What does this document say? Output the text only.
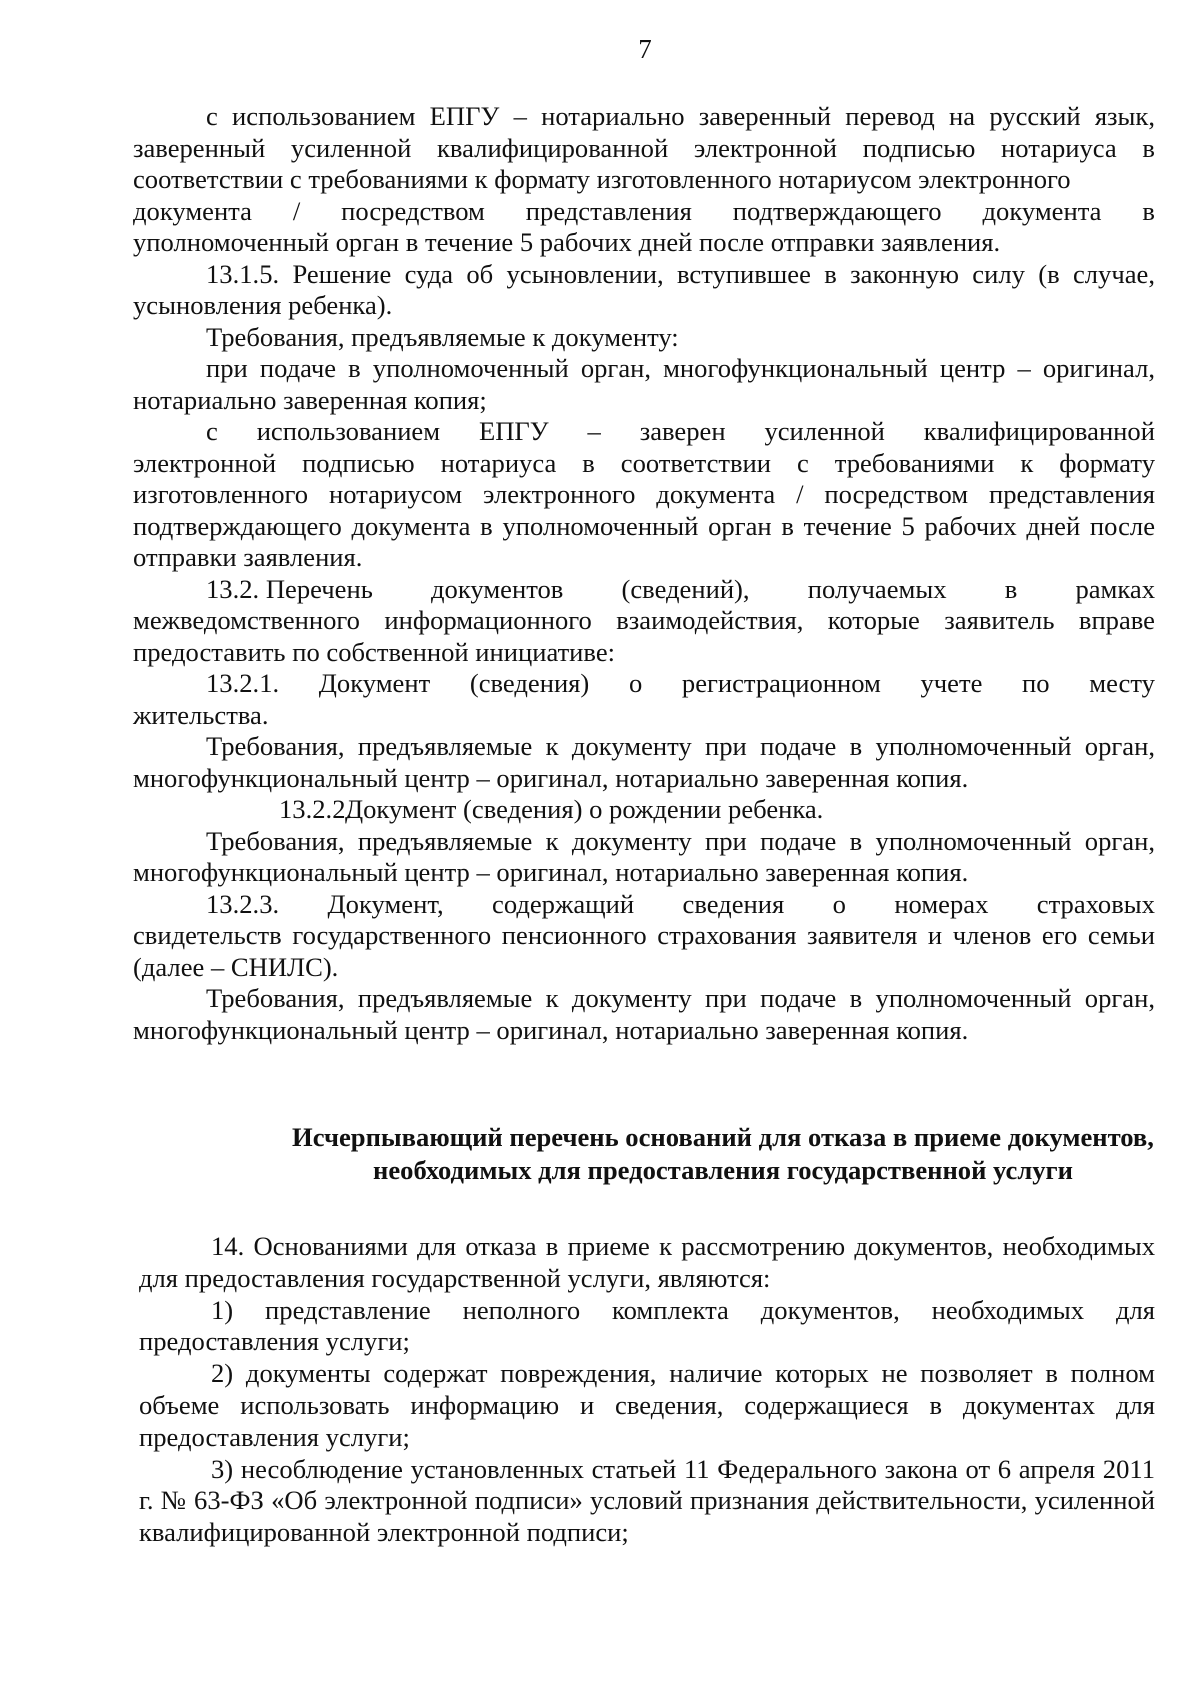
7

с использованием ЕПГУ – нотариально заверенный перевод на русский язык, заверенный усиленной квалифицированной электронной подписью нотариуса в соответствии с требованиями к формату изготовленного нотариусом электронного

документа / посредством представления подтверждающего документа в

уполномоченный орган в течение 5 рабочих дней после отправки заявления.

13.1.5. Решение суда об усыновлении, вступившее в законную силу (в случае, усыновления ребенка).

Требования, предъявляемые к документу:

при подаче в уполномоченный орган, многофункциональный центр – оригинал, нотариально заверенная копия;

с использованием ЕПГУ – заверен усиленной квалифицированной

электронной подписью нотариуса в соответствии с требованиями к формату изготовленного нотариусом электронного документа / посредством представления подтверждающего документа в уполномоченный орган в течение 5 рабочих дней после отправки заявления.

13.2. Перечень документов (сведений), получаемых в рамках

межведомственного информационного взаимодействия, которые заявитель вправе предоставить по собственной инициативе:

13.2.1. Документ (сведения) о регистрационном учете по месту

жительства.

Требования, предъявляемые к документу при подаче в уполномоченный орган, многофункциональный центр – оригинал, нотариально заверенная копия.

13.2.2.Документ (сведения) о рождении ребенка.

Требования, предъявляемые к документу при подаче в уполномоченный орган, многофункциональный центр – оригинал, нотариально заверенная копия.

13.2.3. Документ, содержащий сведения о номерах страховых

свидетельств государственного пенсионного страхования заявителя и членов его семьи (далее – СНИЛС).

Требования, предъявляемые к документу при подаче в уполномоченный орган, многофункциональный центр – оригинал, нотариально заверенная копия.

Исчерпывающий перечень оснований для отказа в приеме документов,
необходимых для предоставления государственной услуги

14. Основаниями для отказа в приеме к рассмотрению документов, необходимых для предоставления государственной услуги, являются:

1) представление неполного комплекта документов, необходимых для предоставления услуги;

2) документы содержат повреждения, наличие которых не позволяет в полном объеме использовать информацию и сведения, содержащиеся в документах для предоставления услуги;

3) несоблюдение установленных статьей 11 Федерального закона от 6 апреля 2011 г. № 63-ФЗ «Об электронной подписи» условий признания действительности, усиленной квалифицированной электронной подписи;
